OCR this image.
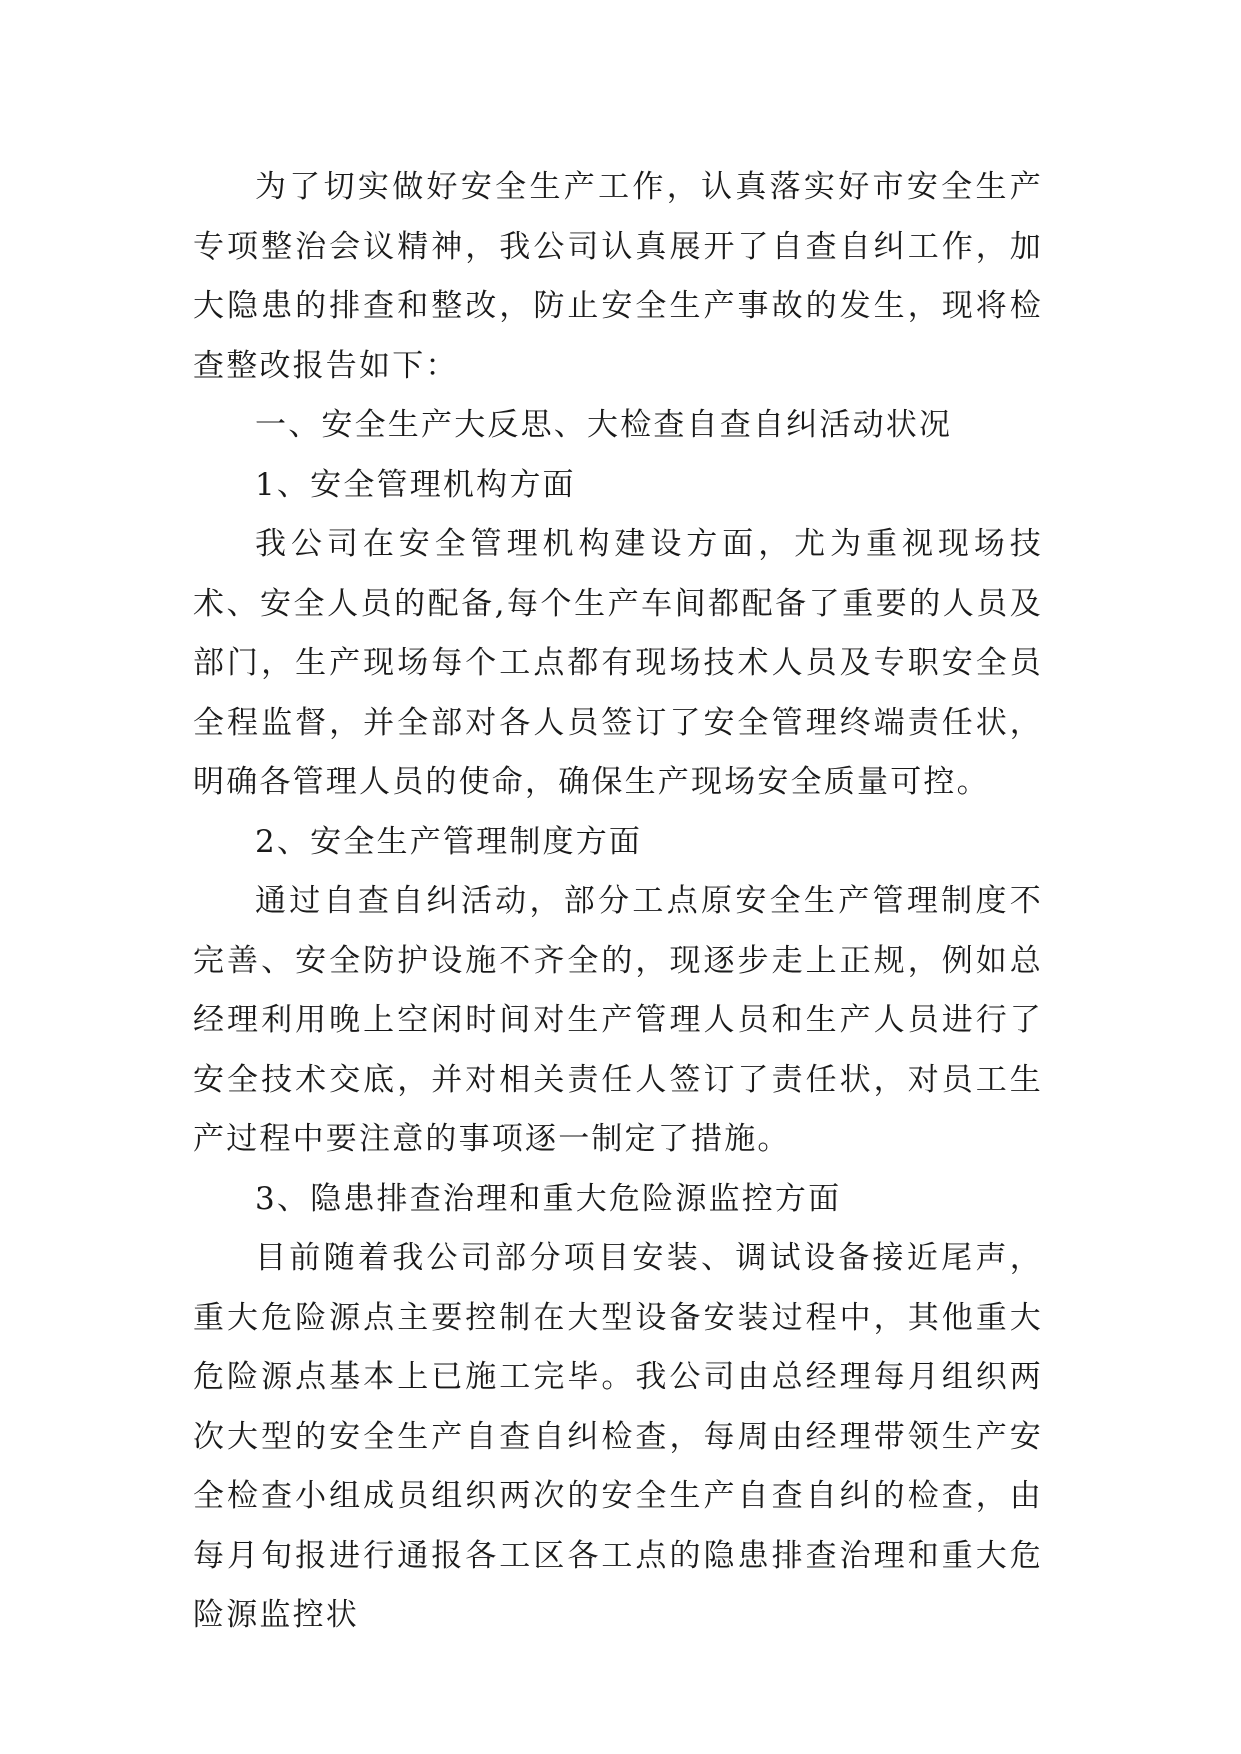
为了切实做好安全生产工作，认真落实好市安全生产专项整治会议精神，我公司认真展开了自查自纠工作，加大隐患的排查和整改，防止安全生产事故的发生，现将检查整改报告如下：

一、安全生产大反思、大检查自查自纠活动状况

1、安全管理机构方面

我公司在安全管理机构建设方面，尤为重视现场技术、安全人员的配备,每个生产车间都配备了重要的人员及部门，生产现场每个工点都有现场技术人员及专职安全员全程监督，并全部对各人员签订了安全管理终端责任状，明确各管理人员的使命，确保生产现场安全质量可控。

2、安全生产管理制度方面

通过自查自纠活动，部分工点原安全生产管理制度不完善、安全防护设施不齐全的，现逐步走上正规，例如总经理利用晚上空闲时间对生产管理人员和生产人员进行了安全技术交底，并对相关责任人签订了责任状，对员工生产过程中要注意的事项逐一制定了措施。

3、隐患排查治理和重大危险源监控方面

目前随着我公司部分项目安装、调试设备接近尾声，重大危险源点主要控制在大型设备安装过程中，其他重大危险源点基本上已施工完毕。我公司由总经理每月组织两次大型的安全生产自查自纠检查，每周由经理带领生产安全检查小组成员组织两次的安全生产自查自纠的检查，由每月旬报进行通报各工区各工点的隐患排查治理和重大危险源监控状
